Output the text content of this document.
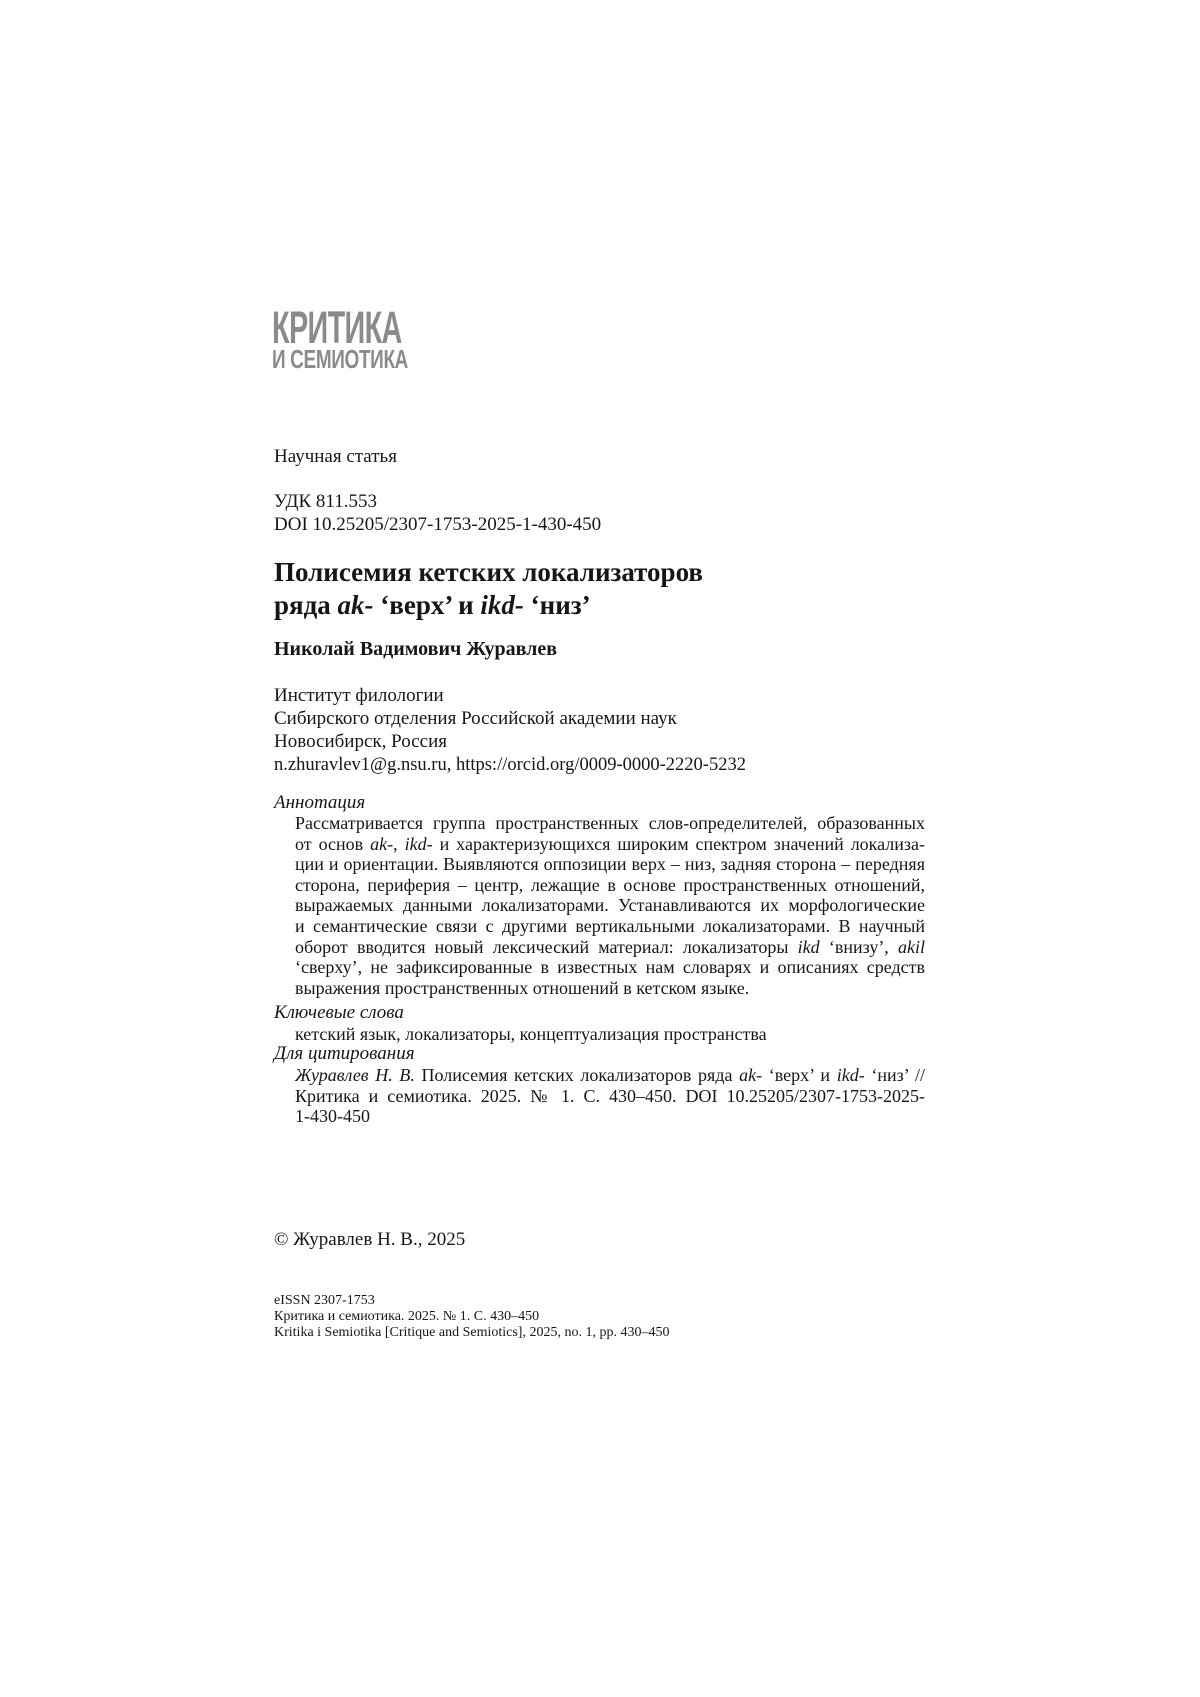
КРИТИКА
И СЕМИОТИКА
Научная статья
УДК 811.553
DOI 10.25205/2307-1753-2025-1-430-450
Полисемия кетских локализаторов
ряда ak- ‘верх’ и ikd- ‘низ’
Николай Вадимович Журавлев
Институт филологии
Сибирского отделения Российской академии наук
Новосибирск, Россия
n.zhuravlev1@g.nsu.ru, https://orcid.org/0009-0000-2220-5232
Аннотация
Рассматривается группа пространственных слов-определителей, образованных
от основ ak-, ikd- и характеризующихся широким спектром значений локализа-
ции и ориентации. Выявляются оппозиции верх – низ, задняя сторона – передняя
сторона, периферия – центр, лежащие в основе пространственных отношений,
выражаемых данными локализаторами. Устанавливаются их морфологические
и семантические связи с другими вертикальными локализаторами. В научный
оборот вводится новый лексический материал: локализаторы ikd ‘внизу’, akil
‘сверху’, не зафиксированные в известных нам словарях и описаниях средств
выражения пространственных отношений в кетском языке.
Ключевые слова
кетский язык, локализаторы, концептуализация пространства
Для цитирования
Журавлев Н. В. Полисемия кетских локализаторов ряда ak- ‘верх’ и ikd- ‘низ’ //
Критика и семиотика. 2025. № 1. С. 430–450. DOI 10.25205/2307-1753-2025-
1-430-450
© Журавлев Н. В., 2025
eISSN 2307-1753
Критика и семиотика. 2025. № 1. С. 430–450
Kritika i Semiotika [Critique and Semiotics], 2025, no. 1, pp. 430–450
